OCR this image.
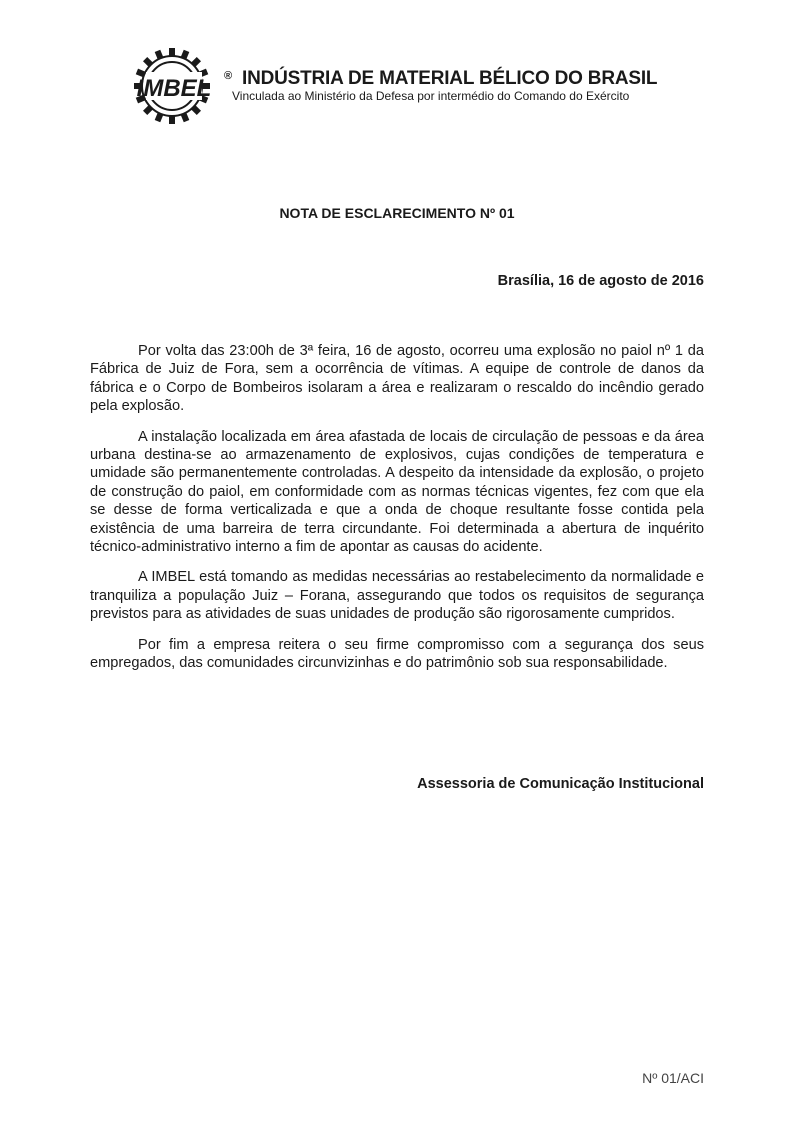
IMBEL ® INDÚSTRIA DE MATERIAL BÉLICO DO BRASIL
Vinculada ao Ministério da Defesa por intermédio do Comando do Exército
NOTA DE ESCLARECIMENTO Nº 01
Brasília, 16 de agosto de 2016

Por volta das 23:00h de 3ª feira, 16 de agosto, ocorreu uma explosão no paiol nº 1 da Fábrica de Juiz de Fora, sem a ocorrência de vítimas. A equipe de controle de danos da fábrica e o Corpo de Bombeiros isolaram a área e realizaram o rescaldo do incêndio gerado pela explosão.

A instalação localizada em área afastada de locais de circulação de pessoas e da área urbana destina-se ao armazenamento de explosivos, cujas condições de temperatura e umidade são permanentemente controladas. A despeito da intensidade da explosão, o projeto de construção do paiol, em conformidade com as normas técnicas vigentes, fez com que ela se desse de forma verticalizada e que a onda de choque resultante fosse contida pela existência de uma barreira de terra circundante. Foi determinada a abertura de inquérito técnico-administrativo interno a fim de apontar as causas do acidente.

A IMBEL está tomando as medidas necessárias ao restabelecimento da normalidade e tranquiliza a população Juiz – Forana, assegurando que todos os requisitos de segurança previstos para as atividades de suas unidades de produção são rigorosamente cumpridos.

Por fim a empresa reitera o seu firme compromisso com a segurança dos seus empregados, das comunidades circunvizinhas e do patrimônio sob sua responsabilidade.

Assessoria de Comunicação Institucional
Nº 01/ACI
